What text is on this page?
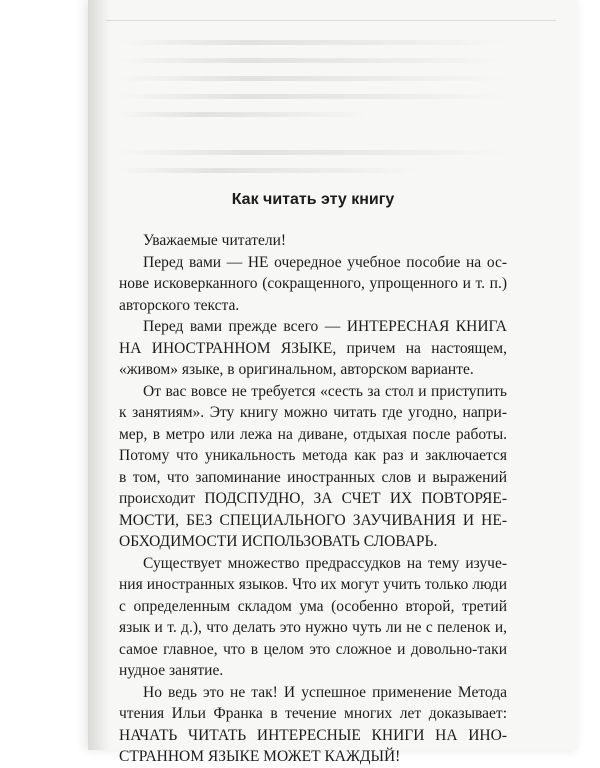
Как читать эту книгу

Уважаемые читатели!

Перед вами — НЕ очередное учебное пособие на ос-
нове исковерканного (сокращенного, упрощенного и т. п.)
авторского текста.

Перед вами прежде всего — ИНТЕРЕСНАЯ КНИГА
НА ИНОСТРАННОМ ЯЗЫКЕ, причем на настоящем,
«живом» языке, в оригинальном, авторском варианте.

От вас вовсе не требуется «сесть за стол и приступить
к занятиям». Эту книгу можно читать где угодно, напри-
мер, в метро или лежа на диване, отдыхая после работы.
Потому что уникальность метода как раз и заключается
в том, что запоминание иностранных слов и выражений
происходит ПОДСПУДНО, ЗА СЧЕТ ИХ ПОВТОРЯЕ-
МОСТИ, БЕЗ СПЕЦИАЛЬНОГО ЗАУЧИВАНИЯ И НЕ-
ОБХОДИМОСТИ ИСПОЛЬЗОВАТЬ СЛОВАРЬ.

Существует множество предрассудков на тему изуче-
ния иностранных языков. Что их могут учить только люди
с определенным складом ума (особенно второй, третий
язык и т. д.), что делать это нужно чуть ли не с пеленок и,
самое главное, что в целом это сложное и довольно-таки
нудное занятие.

Но ведь это не так! И успешное применение Метода
чтения Ильи Франка в течение многих лет доказывает:
НАЧАТЬ ЧИТАТЬ ИНТЕРЕСНЫЕ КНИГИ НА ИНО-
СТРАННОМ ЯЗЫКЕ МОЖЕТ КАЖДЫЙ!
